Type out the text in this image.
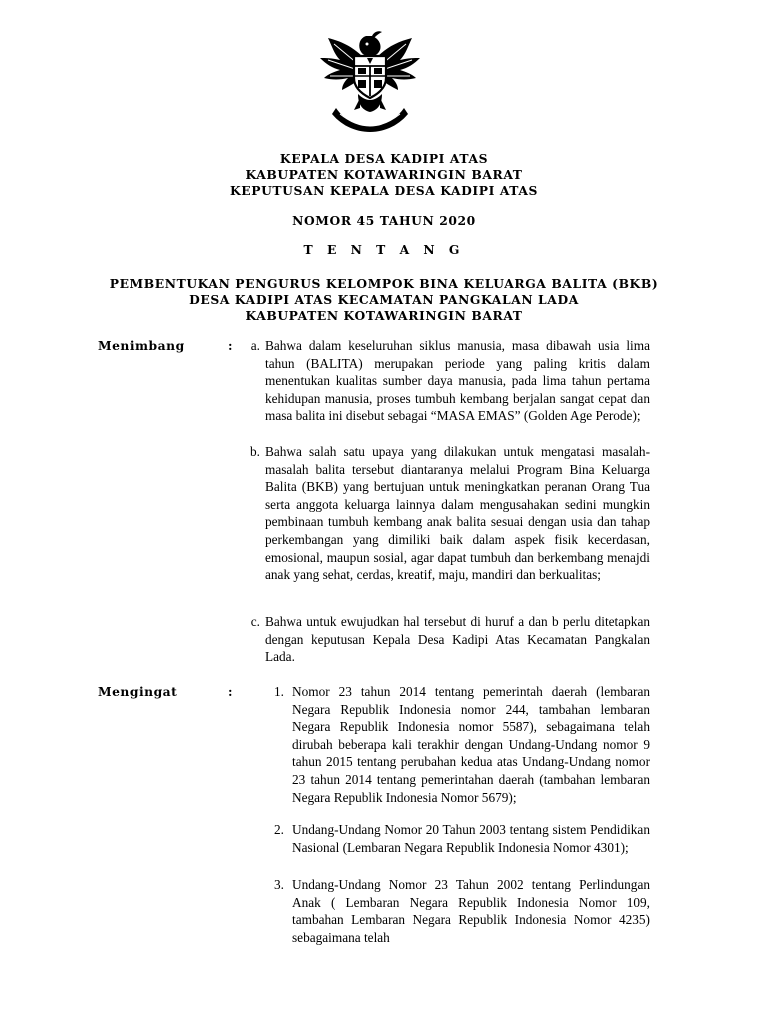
KEPALA DESA KADIPI ATAS
KABUPATEN KOTAWARINGIN BARAT
KEPUTUSAN KEPALA DESA KADIPI ATAS
NOMOR 45 TAHUN 2020
T E N T A N G
PEMBENTUKAN PENGURUS KELOMPOK BINA KELUARGA BALITA (BKB)
DESA KADIPI ATAS KECAMATAN PANGKALAN LADA
KABUPATEN KOTAWARINGIN BARAT
Menimbang	:	a. Bahwa dalam keseluruhan siklus manusia, masa dibawah usia lima tahun (BALITA) merupakan periode yang paling kritis dalam menentukan kualitas sumber daya manusia, pada lima tahun pertama kehidupan manusia, proses tumbuh kembang berjalan sangat cepat dan masa balita ini disebut sebagai “MASA EMAS” (Golden Age Perode);
b. Bahwa salah satu upaya yang dilakukan untuk mengatasi masalah-masalah balita tersebut diantaranya melalui Program Bina Keluarga Balita (BKB) yang bertujuan untuk meningkatkan peranan Orang Tua serta anggota keluarga lainnya dalam mengusahakan sedini mungkin pembinaan tumbuh kembang anak balita sesuai dengan usia dan tahap perkembangan yang dimiliki baik dalam aspek fisik kecerdasan, emosional, maupun sosial, agar dapat tumbuh dan berkembang menajdi anak yang sehat, cerdas, kreatif, maju, mandiri dan berkualitas;
c. Bahwa untuk ewujudkan hal tersebut di huruf a dan b perlu ditetapkan dengan keputusan Kepala Desa Kadipi Atas Kecamatan Pangkalan Lada.
Mengingat	:	1. Nomor 23 tahun 2014 tentang pemerintah daerah (lembaran Negara Republik Indonesia nomor 244, tambahan lembaran Negara Republik Indonesia nomor 5587), sebagaimana telah dirubah beberapa kali terakhir dengan Undang-Undang nomor 9 tahun 2015 tentang perubahan kedua atas Undang-Undang nomor 23 tahun 2014 tentang pemerintahan daerah (tambahan lembaran Negara Republik Indonesia Nomor 5679);
2. Undang-Undang Nomor 20 Tahun 2003 tentang sistem Pendidikan Nasional (Lembaran Negara Republik Indonesia Nomor 4301);
3. Undang-Undang Nomor 23 Tahun 2002 tentang Perlindungan Anak ( Lembaran Negara Republik Indonesia Nomor 109, tambahan Lembaran Negara Republik Indonesia Nomor 4235) sebagaimana telah
